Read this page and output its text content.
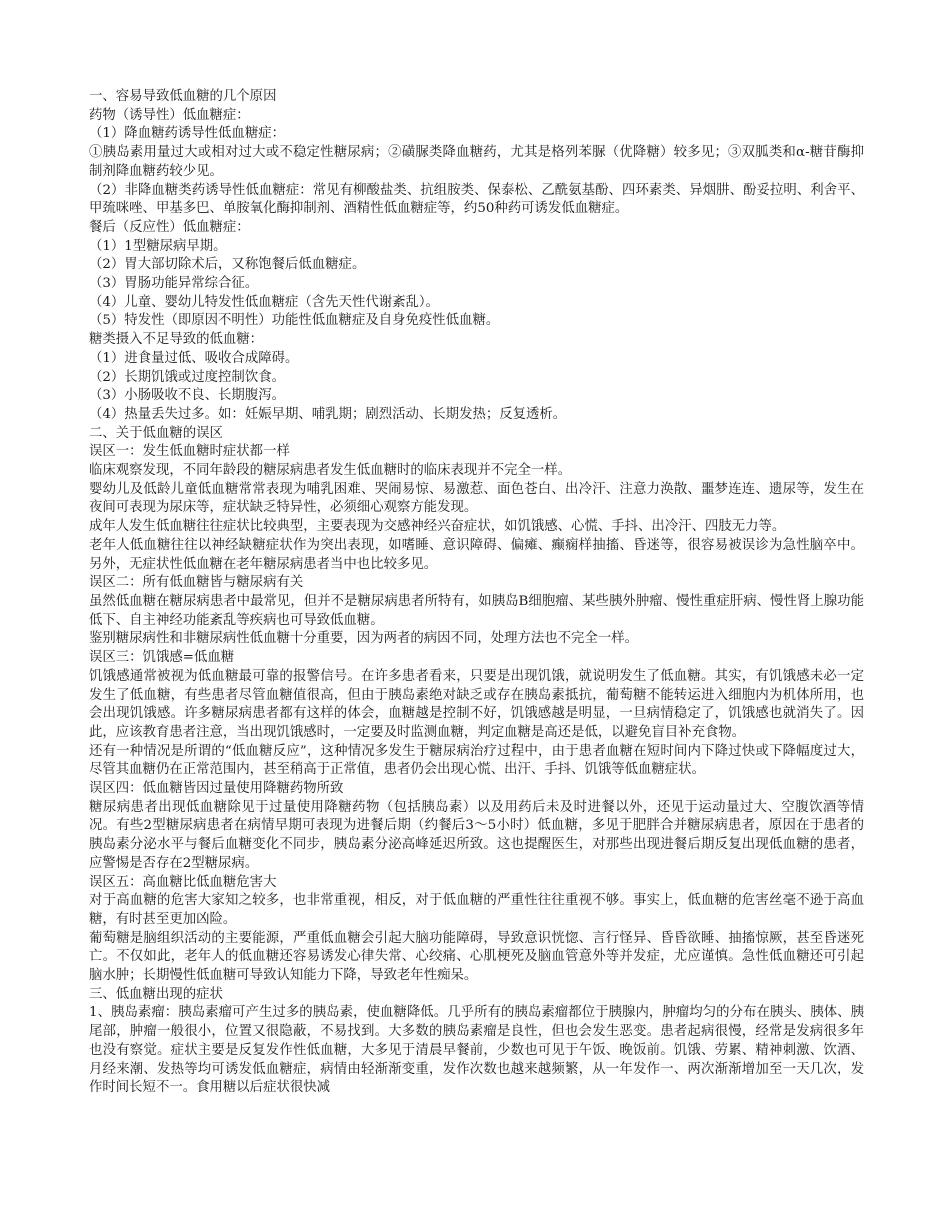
一、容易导致低血糖的几个原因

药物（诱导性）低血糖症：

（1）降血糖药诱导性低血糖症：

①胰岛素用量过大或相对过大或不稳定性糖尿病；②磺脲类降血糖药，尤其是格列苯脲（优降糖）较多见；③双胍类和α-糖苷酶抑制剂降血糖药较少见。

（2）非降血糖类药诱导性低血糖症：常见有柳酸盐类、抗组胺类、保泰松、乙酰氨基酚、四环素类、异烟肼、酚妥拉明、利舍平、甲巯咪唑、甲基多巴、单胺氧化酶抑制剂、酒精性低血糖症等，约50种药可诱发低血糖症。

餐后（反应性）低血糖症：

（1）1型糖尿病早期。

（2）胃大部切除术后，又称饱餐后低血糖症。

（3）胃肠功能异常综合征。

（4）儿童、婴幼儿特发性低血糖症（含先天性代谢紊乱）。

（5）特发性（即原因不明性）功能性低血糖症及自身免疫性低血糖。

糖类摄入不足导致的低血糖：

（1）进食量过低、吸收合成障碍。

（2）长期饥饿或过度控制饮食。

（3）小肠吸收不良、长期腹泻。

（4）热量丢失过多。如：妊娠早期、哺乳期；剧烈活动、长期发热；反复透析。

二、关于低血糖的误区

误区一：发生低血糖时症状都一样

临床观察发现，不同年龄段的糖尿病患者发生低血糖时的临床表现并不完全一样。

婴幼儿及低龄儿童低血糖常常表现为哺乳困难、哭闹易惊、易激惹、面色苍白、出冷汗、注意力涣散、噩梦连连、遗尿等，发生在夜间可表现为尿床等，症状缺乏特异性，必须细心观察方能发现。

成年人发生低血糖往往症状比较典型，主要表现为交感神经兴奋症状，如饥饿感、心慌、手抖、出冷汗、四肢无力等。

老年人低血糖往往以神经缺糖症状作为突出表现，如嗜睡、意识障碍、偏瘫、癫痫样抽搐、昏迷等，很容易被误诊为急性脑卒中。另外，无症状性低血糖在老年糖尿病患者当中也比较多见。

误区二：所有低血糖皆与糖尿病有关

虽然低血糖在糖尿病患者中最常见，但并不是糖尿病患者所特有，如胰岛B细胞瘤、某些胰外肿瘤、慢性重症肝病、慢性肾上腺功能低下、自主神经功能紊乱等疾病也可导致低血糖。

鉴别糖尿病性和非糖尿病性低血糖十分重要，因为两者的病因不同，处理方法也不完全一样。

误区三：饥饿感=低血糖

饥饿感通常被视为低血糖最可靠的报警信号。在许多患者看来，只要是出现饥饿，就说明发生了低血糖。其实，有饥饿感未必一定发生了低血糖，有些患者尽管血糖值很高，但由于胰岛素绝对缺乏或存在胰岛素抵抗，葡萄糖不能转运进入细胞内为机体所用，也会出现饥饿感。许多糖尿病患者都有这样的体会，血糖越是控制不好，饥饿感越是明显，一旦病情稳定了，饥饿感也就消失了。因此，应该教育患者注意，当出现饥饿感时，一定要及时监测血糖，判定血糖是高还是低，以避免盲目补充食物。

还有一种情况是所谓的“低血糖反应”，这种情况多发生于糖尿病治疗过程中，由于患者血糖在短时间内下降过快或下降幅度过大，尽管其血糖仍在正常范围内，甚至稍高于正常值，患者仍会出现心慌、出汗、手抖、饥饿等低血糖症状。

误区四：低血糖皆因过量使用降糖药物所致

糖尿病患者出现低血糖除见于过量使用降糖药物（包括胰岛素）以及用药后未及时进餐以外，还见于运动量过大、空腹饮酒等情况。有些2型糖尿病患者在病情早期可表现为进餐后期（约餐后3～5小时）低血糖，多见于肥胖合并糖尿病患者，原因在于患者的胰岛素分泌水平与餐后血糖变化不同步，胰岛素分泌高峰延迟所致。这也提醒医生，对那些出现进餐后期反复出现低血糖的患者，应警惕是否存在2型糖尿病。

误区五：高血糖比低血糖危害大

对于高血糖的危害大家知之较多，也非常重视，相反，对于低血糖的严重性往往重视不够。事实上，低血糖的危害丝毫不逊于高血糖，有时甚至更加凶险。

葡萄糖是脑组织活动的主要能源，严重低血糖会引起大脑功能障碍，导致意识恍惚、言行怪异、昏昏欲睡、抽搐惊厥，甚至昏迷死亡。不仅如此，老年人的低血糖还容易诱发心律失常、心绞痛、心肌梗死及脑血管意外等并发症，尤应谨慎。急性低血糖还可引起脑水肿；长期慢性低血糖可导致认知能力下降，导致老年性痴呆。

三、低血糖出现的症状

1、胰岛素瘤：胰岛素瘤可产生过多的胰岛素，使血糖降低。几乎所有的胰岛素瘤都位于胰腺内，肿瘤均匀的分布在胰头、胰体、胰尾部，肿瘤一般很小，位置又很隐蔽，不易找到。大多数的胰岛素瘤是良性，但也会发生恶变。患者起病很慢，经常是发病很多年也没有察觉。症状主要是反复发作性低血糖，大多见于清晨早餐前，少数也可见于午饭、晚饭前。饥饿、劳累、精神刺激、饮酒、月经来潮、发热等均可诱发低血糖症，病情由轻渐渐变重，发作次数也越来越频繁，从一年发作一、两次渐渐增加至一天几次，发作时间长短不一。食用糖以后症状很快减
